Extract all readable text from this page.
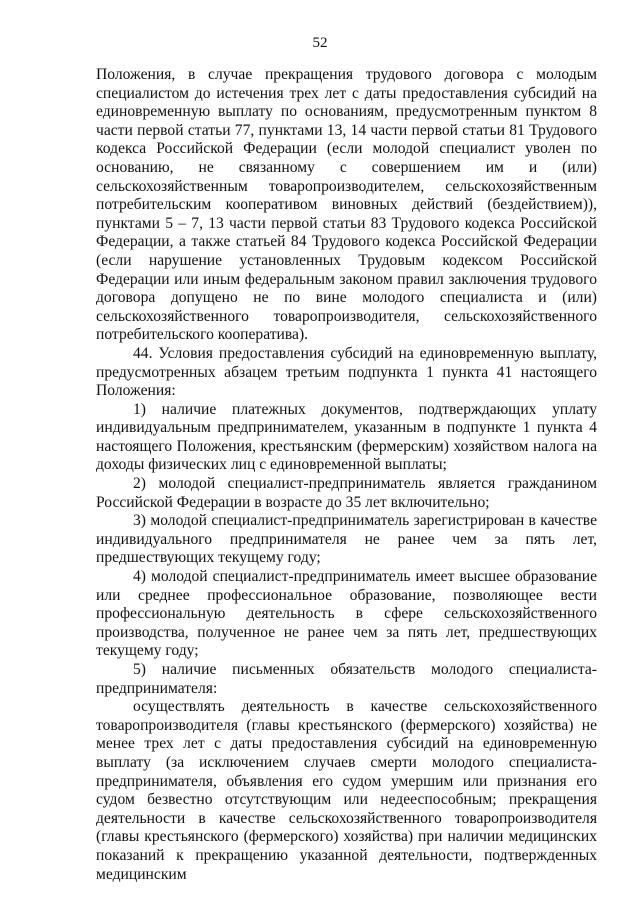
52

Положения, в случае прекращения трудового договора с молодым специалистом до истечения трех лет с даты предоставления субсидий на единовременную выплату по основаниям, предусмотренным пунктом 8 части первой статьи 77, пунктами 13, 14 части первой статьи 81 Трудового кодекса Российской Федерации (если молодой специалист уволен по основанию, не связанному с совершением им и (или) сельскохозяйственным товаропроизводителем, сельскохозяйственным потребительским кооперативом виновных действий (бездействием)), пунктами 5 – 7, 13 части первой статьи 83 Трудового кодекса Российской Федерации, а также статьей 84 Трудового кодекса Российской Федерации (если нарушение установленных Трудовым кодексом Российской Федерации или иным федеральным законом правил заключения трудового договора допущено не по вине молодого специалиста и (или) сельскохозяйственного товаропроизводителя, сельскохозяйственного потребительского кооператива).

44. Условия предоставления субсидий на единовременную выплату, предусмотренных абзацем третьим подпункта 1 пункта 41 настоящего Положения:

1) наличие платежных документов, подтверждающих уплату индивидуальным предпринимателем, указанным в подпункте 1 пункта 4 настоящего Положения, крестьянским (фермерским) хозяйством налога на доходы физических лиц с единовременной выплаты;

2) молодой специалист-предприниматель является гражданином Российской Федерации в возрасте до 35 лет включительно;

3) молодой специалист-предприниматель зарегистрирован в качестве индивидуального предпринимателя не ранее чем за пять лет, предшествующих текущему году;

4) молодой специалист-предприниматель имеет высшее образование или среднее профессиональное образование, позволяющее вести профессиональную деятельность в сфере сельскохозяйственного производства, полученное не ранее чем за пять лет, предшествующих текущему году;

5) наличие письменных обязательств молодого специалиста-предпринимателя:

осуществлять деятельность в качестве сельскохозяйственного товаропроизводителя (главы крестьянского (фермерского) хозяйства) не менее трех лет с даты предоставления субсидий на единовременную выплату (за исключением случаев смерти молодого специалиста-предпринимателя, объявления его судом умершим или признания его судом безвестно отсутствующим или недееспособным; прекращения деятельности в качестве сельскохозяйственного товаропроизводителя (главы крестьянского (фермерского) хозяйства) при наличии медицинских показаний к прекращению указанной деятельности, подтвержденных медицинским
